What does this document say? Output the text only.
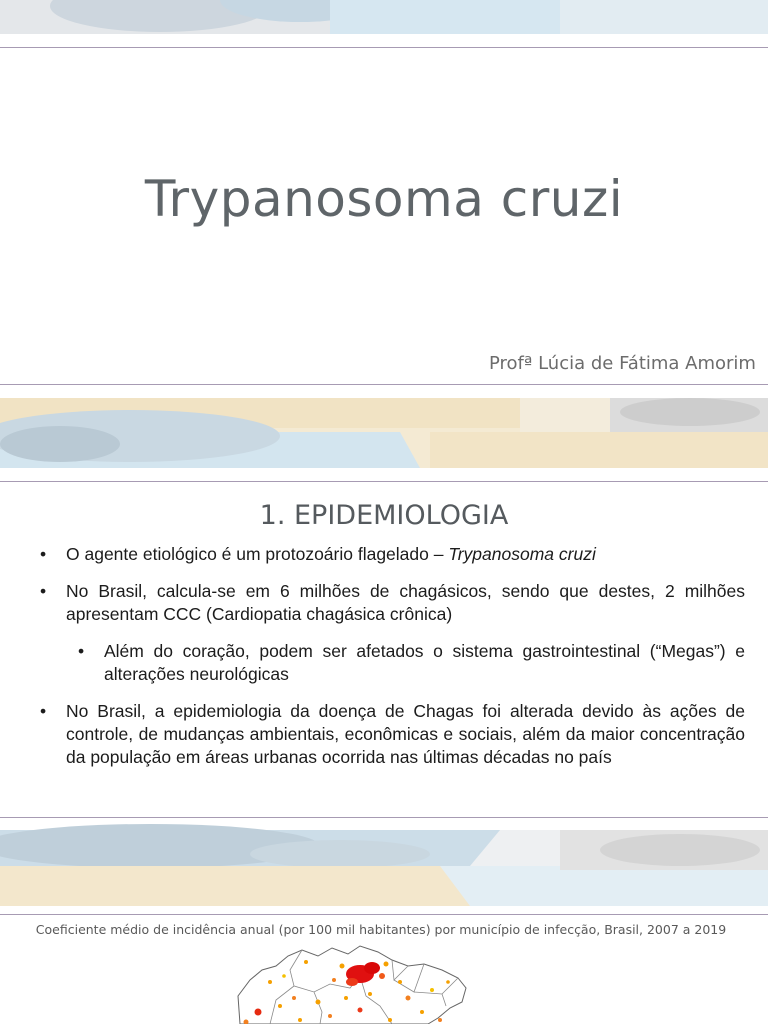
Trypanosoma cruzi
Profª Lúcia de Fátima Amorim
1. EPIDEMIOLOGIA
• O agente etiológico é um protozoário flagelado – Trypanosoma cruzi
• No Brasil, calcula-se em 6 milhões de chagásicos, sendo que destes, 2 milhões apresentam CCC (Cardiopatia chagásica crônica)
• Além do coração, podem ser afetados o sistema gastrointestinal (“Megas”) e alterações neurológicas
• No Brasil, a epidemiologia da doença de Chagas foi alterada devido às ações de controle, de mudanças ambientais, econômicas e sociais, além da maior concentração da população em áreas urbanas ocorrida nas últimas décadas no país
Coeficiente médio de incidência anual (por 100 mil habitantes) por município de infecção, Brasil, 2007 a 2019
